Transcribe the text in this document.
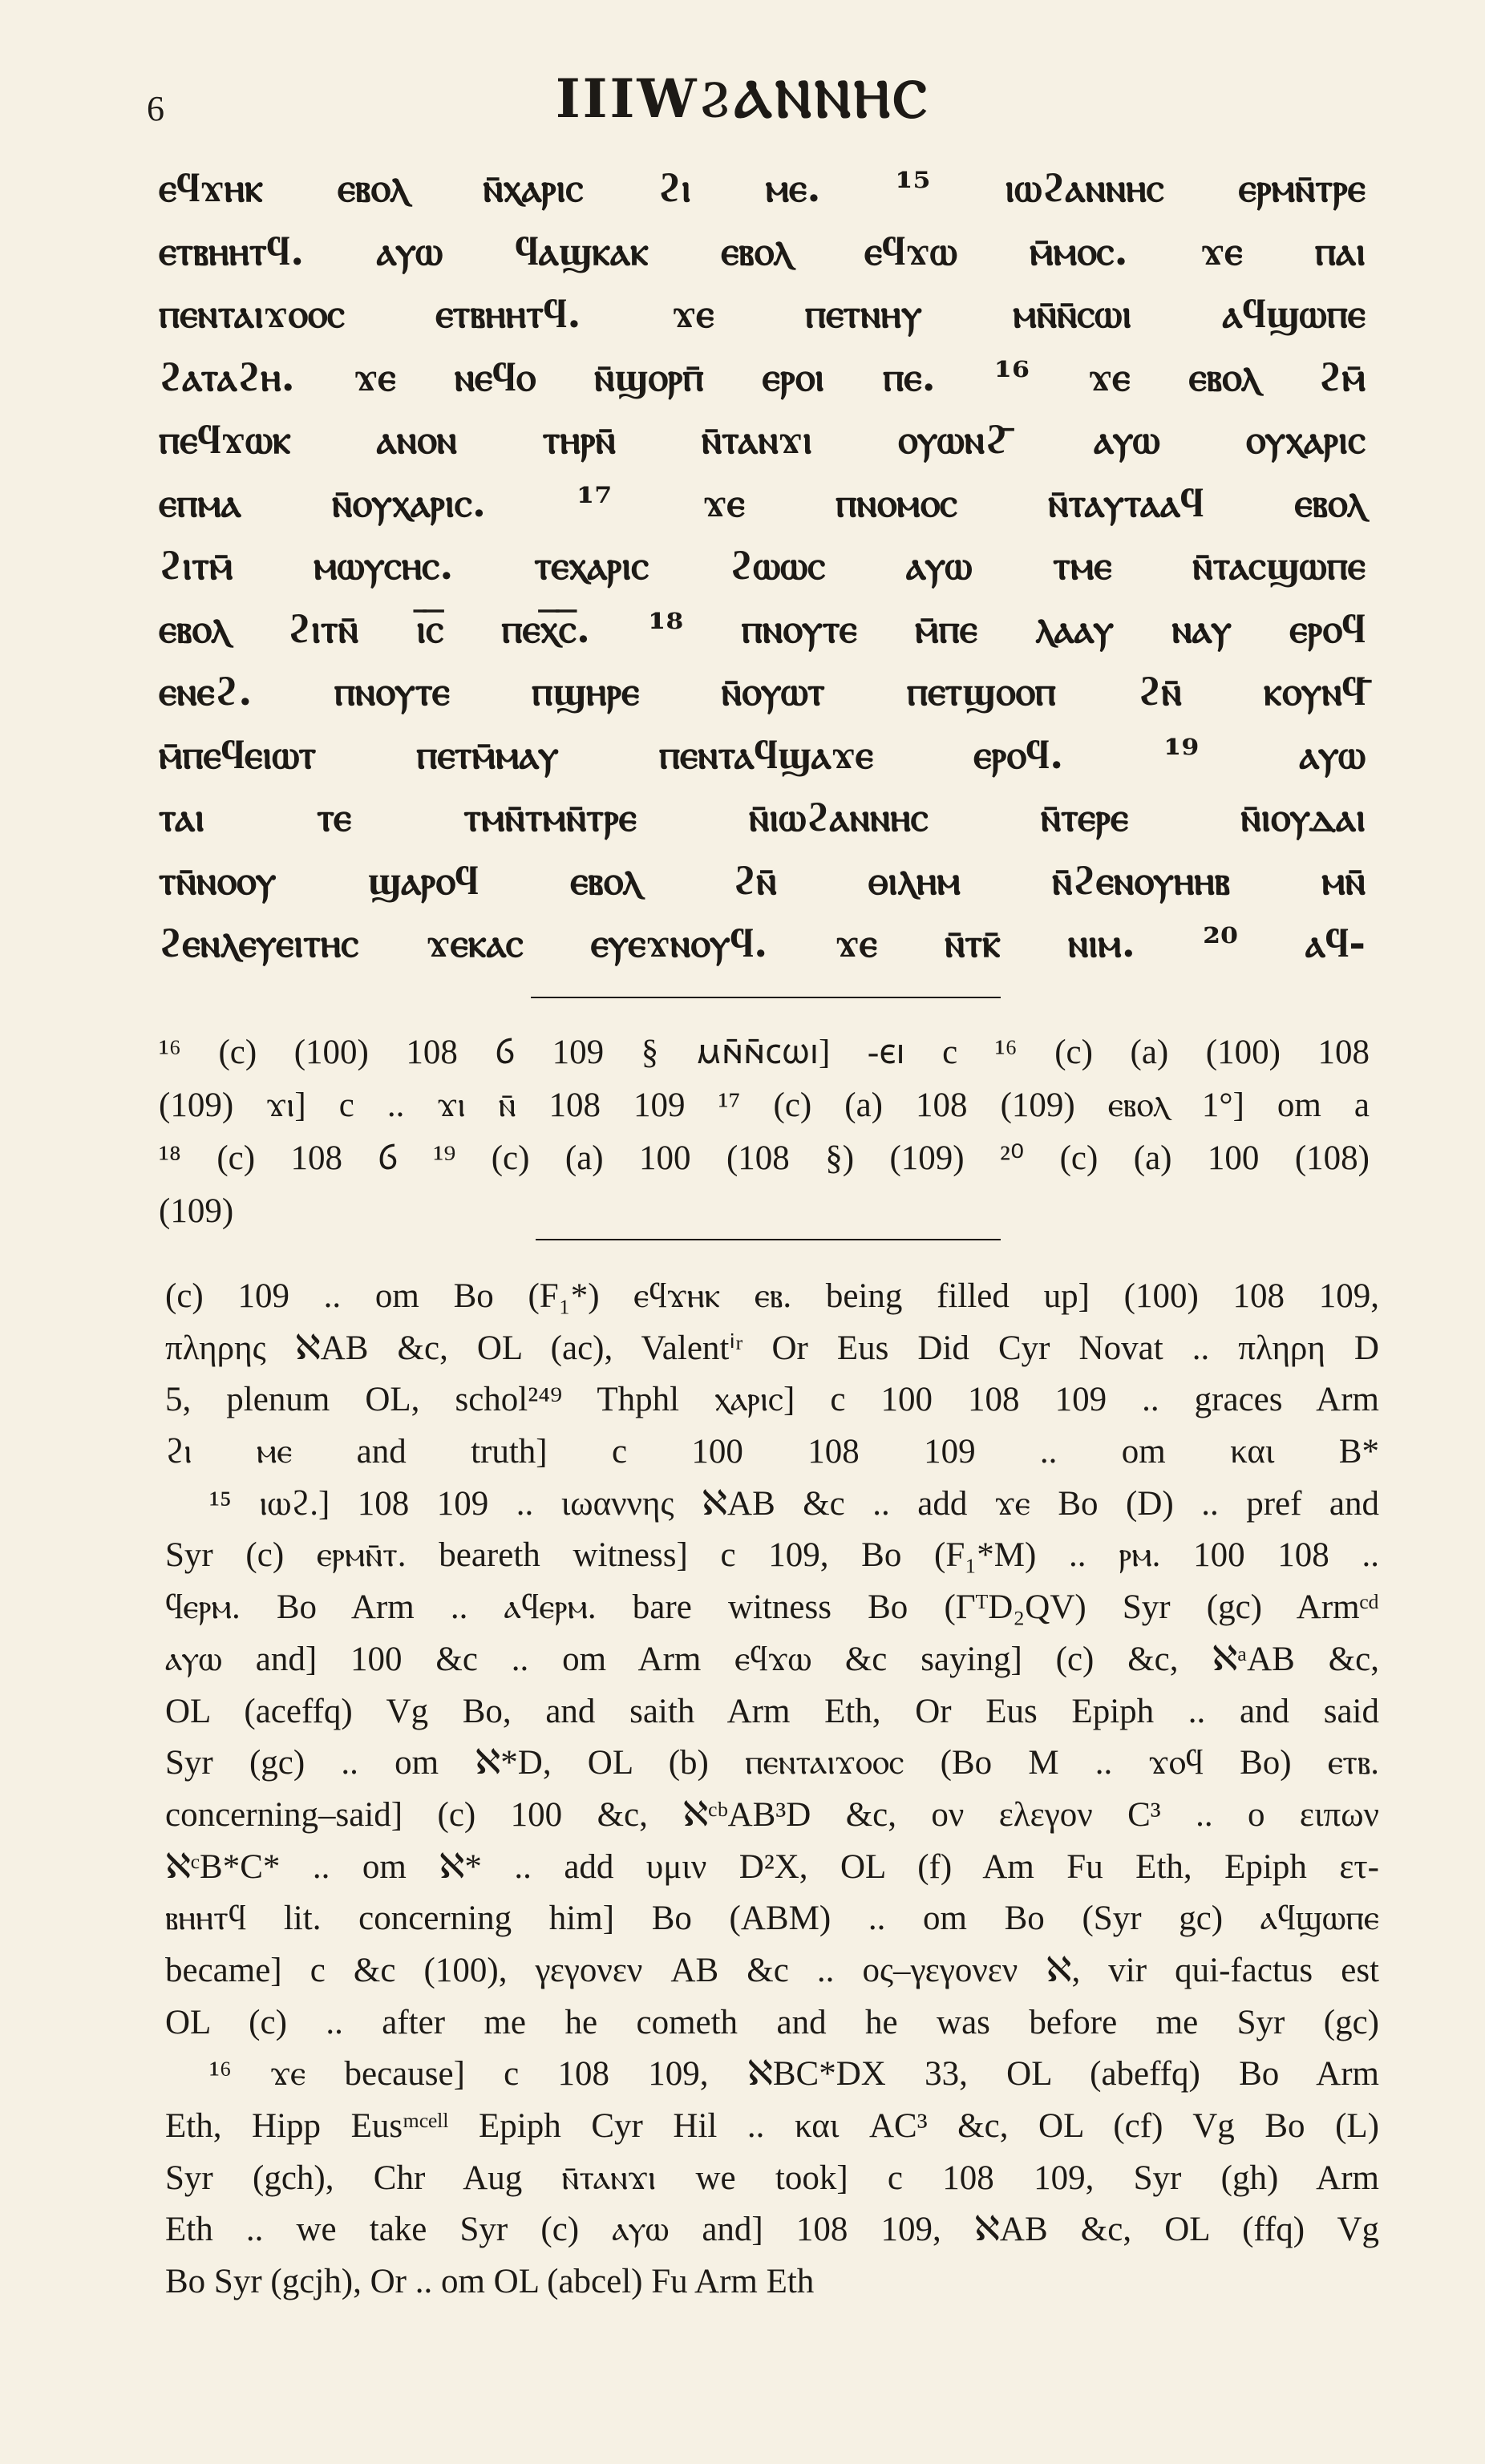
6	IIIWϨⲀⲚⲚⲎⲤ
ⲉϥϫⲏⲕ ⲉⲃⲟⲗ ⲛ̄ⲭⲁⲣⲓⲥ ϩⲓ ⲙⲉ. ¹⁵ ⲓⲱϩⲁⲛⲛⲏⲥ ⲉⲣⲙⲛ̄ⲧⲣⲉ
ⲉⲧⲃⲏⲏⲧϥ. ⲁⲩⲱ ϥⲁϣⲕⲁⲕ ⲉⲃⲟⲗ ⲉϥϫⲱ ⲙ̄ⲙⲟⲥ. ϫⲉ ⲡⲁⲓ
ⲡⲉⲛⲧⲁⲓϫⲟⲟⲥ ⲉⲧⲃⲏⲏⲧϥ. ϫⲉ ⲡⲉⲧⲛⲏⲩ ⲙⲛ̄ⲛ̄ⲥⲱⲓ ⲁϥϣⲱⲡⲉ
ϩⲁⲧⲁϩⲏ. ϫⲉ ⲛⲉϥⲟ ⲛ̄ϣⲟⲣⲡ̄ ⲉⲣⲟⲓ ⲡⲉ. ¹⁶ ϫⲉ ⲉⲃⲟⲗ ϩⲙ̄
ⲡⲉϥϫⲱⲕ ⲁⲛⲟⲛ ⲧⲏⲣⲛ̄ ⲛ̄ⲧⲁⲛϫⲓ ⲟⲩⲱⲛϩ̄ ⲁⲩⲱ ⲟⲩⲭⲁⲣⲓⲥ
ⲉⲡⲙⲁ ⲛ̄ⲟⲩⲭⲁⲣⲓⲥ. ¹⁷ ϫⲉ ⲡⲛⲟⲙⲟⲥ ⲛ̄ⲧⲁⲩⲧⲁⲁϥ ⲉⲃⲟⲗ
ϩⲓⲧⲙ̄ ⲙⲱⲩⲥⲏⲥ. ⲧⲉⲭⲁⲣⲓⲥ ϩⲱⲱⲥ ⲁⲩⲱ ⲧⲙⲉ ⲛ̄ⲧⲁⲥϣⲱⲡⲉ
ⲉⲃⲟⲗ ϩⲓⲧⲛ̄ ⲓ̅ⲥ̅ ⲡⲉⲭ̅ⲥ̅. ¹⁸ ⲡⲛⲟⲩⲧⲉ ⲙ̄ⲡⲉ ⲗⲁⲁⲩ ⲛⲁⲩ ⲉⲣⲟϥ
ⲉⲛⲉϩ. ⲡⲛⲟⲩⲧⲉ ⲡϣⲏⲣⲉ ⲛ̄ⲟⲩⲱⲧ ⲡⲉⲧϣⲟⲟⲡ ϩⲛ̄ ⲕⲟⲩⲛϥ̄
ⲙ̄ⲡⲉϥⲉⲓⲱⲧ ⲡⲉⲧⲙ̄ⲙⲁⲩ ⲡⲉⲛⲧⲁϥϣⲁϫⲉ ⲉⲣⲟϥ. ¹⁹ ⲁⲩⲱ
ⲧⲁⲓ ⲧⲉ ⲧⲙⲛ̄ⲧⲙⲛ̄ⲧⲣⲉ ⲛ̄ⲓⲱϩⲁⲛⲛⲏⲥ ⲛ̄ⲧⲉⲣⲉ ⲛ̄ⲓⲟⲩⲇⲁⲓ
ⲧⲛ̄ⲛⲟⲟⲩ ϣⲁⲣⲟϥ ⲉⲃⲟⲗ ϩⲛ̄ ⲑⲓⲗⲏⲙ ⲛ̄ϩⲉⲛⲟⲩⲏⲏⲃ ⲙⲛ̄
ϩⲉⲛⲗⲉⲩⲉⲓⲧⲏⲥ ϫⲉⲕⲁⲥ ⲉⲩⲉϫⲛⲟⲩϥ. ϫⲉ ⲛ̄ⲧⲕ̄ ⲛⲓⲙ. ²⁰ ⲁϥ-
¹⁶ (c) (100) 108 ⳓ 109 § ⲙⲛ̄ⲛ̄ⲥⲱⲓ] -ⲉⲓ c ¹⁶ (c) (a) (100) 108
(109) ϫⲓ] c .. ϫⲓ ⲛ̄ 108 109 ¹⁷ (c) (a) 108 (109) ⲉⲃⲟⲗ 1°] om a
¹⁸ (c) 108 ⳓ ¹⁹ (c) (a) 100 (108 §) (109) ²⁰ (c) (a) 100 (108)
(109)
(c) 109 .. om Bo (F₁*) ⲉϥϫⲏⲕ ⲉⲃ. being filled up] (100) 108 109,
πληρης ℵAB &c, OL (ac), Valentⁱʳ Or Eus Did Cyr Novat .. πληρη D
5, plenum OL, schol²⁴⁹ Thphl ⲭⲁⲣⲓⲥ] c 100 108 109 .. graces Arm
ϩⲓ ⲙⲉ and truth] c 100 108 109 .. om και B*
¹⁵ ⲓⲱϩ.] 108 109 .. ιωαννης ℵAB &c .. add ϫⲉ Bo (D) .. pref and
Syr (c) ⲉⲣⲙⲛ̄ⲧ. beareth witness] c 109, Bo (F₁*M) .. ⲣⲙ. 100 108 ..
ϥⲉⲣⲙ. Bo Arm .. ⲁϥⲉⲣⲙ. bare witness Bo (ΓᵀD₂QV) Syr (gc) Armᶜᵈ
ⲁⲩⲱ and] 100 &c .. om Arm ⲉϥϫⲱ &c saying] (c) &c, ℵᵃAB &c,
OL (aceffq) Vg Bo, and saith Arm Eth, Or Eus Epiph .. and said
Syr (gc) .. om ℵ*D, OL (b) ⲡⲉⲛⲧⲁⲓϫⲟⲟⲥ (Bo M .. ϫⲟϥ Bo) ⲉⲧⲃ.
concerning–said] (c) 100 &c, ℵᶜᵇAB³D &c, ον ελεγον C³ .. ο ειπων
ℵᶜB*C* .. om ℵ* .. add υμιν D²X, OL (f) Am Fu Eth, Epiph ετ-
ⲃⲏⲏⲧϥ lit. concerning him] Bo (ABM) .. om Bo (Syr gc) ⲁϥϣⲱⲡⲉ
became] c &c (100), γεγονεν AB &c .. ος–γεγονεν ℵ, vir qui-factus est
OL (c) .. after me he cometh and he was before me Syr (gc)
¹⁶ ϫⲉ because] c 108 109, ℵBC*DX 33, OL (abeffq) Bo Arm
Eth, Hipp Eusᵐᶜᵉˡˡ Epiph Cyr Hil .. και AC³ &c, OL (cf) Vg Bo (L)
Syr (gch), Chr Aug ⲛ̄ⲧⲁⲛϫⲓ we took] c 108 109, Syr (gh) Arm
Eth .. we take Syr (c) ⲁⲩⲱ and] 108 109, ℵAB &c, OL (ffq) Vg
Bo Syr (gcjh), Or .. om OL (abcel) Fu Arm Eth
